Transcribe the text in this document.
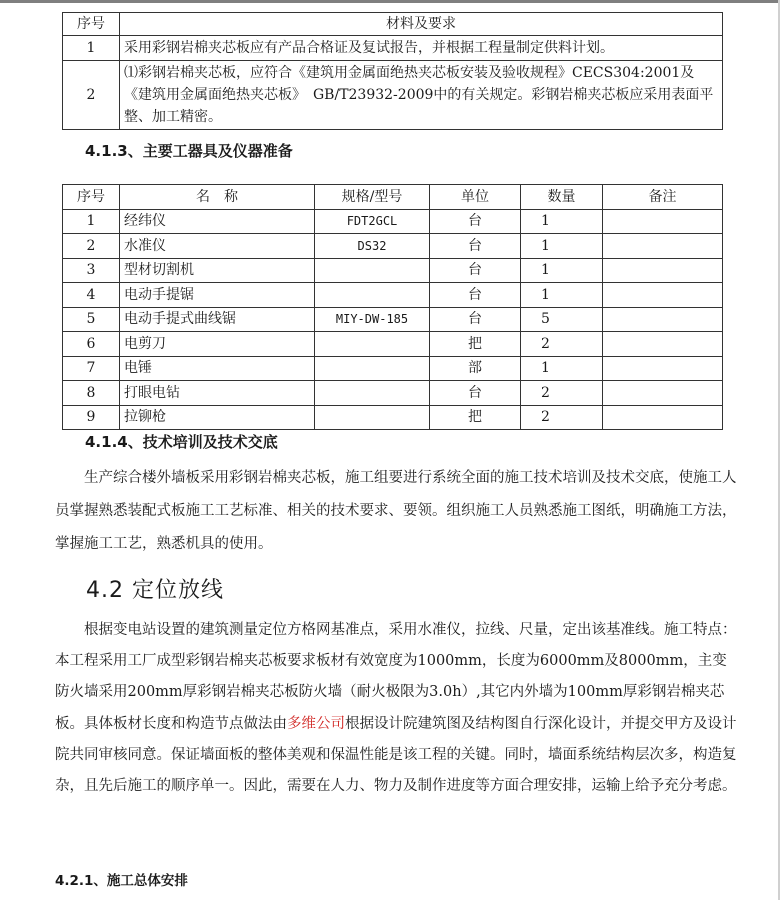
序号	材料及要求
1	采用彩钢岩棉夹芯板应有产品合格证及复试报告，并根据工程量制定供料计划。
2	⑴彩钢岩棉夹芯板，应符合《建筑用金属面绝热夹芯板安装及验收规程》CECS304:2001及《建筑用金属面绝热夹芯板》　GB/T23932-2009中的有关规定。彩钢岩棉夹芯板应采用表面平整、加工精密。
4.1.3、主要工器具及仪器准备
序号	名　称	规格/型号	单位	数量	备注
1	经纬仪	FDT2GCL	台	1	
2	水准仪	DS32	台	1	
3	型材切割机		台	1	
4	电动手提锯		台	1	
5	电动手提式曲线锯	MIY-DW-185	台	5	
6	电剪刀		把	2	
7	电锤		部	1	
8	打眼电钻		台	2	
9	拉铆枪		把	2	
4.1.4、技术培训及技术交底

生产综合楼外墙板采用彩钢岩棉夹芯板，施工组要进行系统全面的施工技术培训及技术交底，使施工人员掌握熟悉装配式板施工工艺标准、相关的技术要求、要领。组织施工人员熟悉施工图纸，明确施工方法，掌握施工工艺，熟悉机具的使用。

4.2 定位放线

根据变电站设置的建筑测量定位方格网基准点，采用水准仪，拉线、尺量，定出该基准线。施工特点：本工程采用工厂成型彩钢岩棉夹芯板要求板材有效宽度为1000mm，长度为6000mm及8000mm，主变防火墙采用200mm厚彩钢岩棉夹芯板防火墙（耐火极限为3.0h）,其它内外墙为100mm厚彩钢岩棉夹芯板。具体板材长度和构造节点做法由多维公司根据设计院建筑图及结构图自行深化设计，并提交甲方及设计院共同审核同意。保证墙面板的整体美观和保温性能是该工程的关键。同时，墙面系统结构层次多，构造复杂，且先后施工的顺序单一。因此，需要在人力、物力及制作进度等方面合理安排，运输上给予充分考虑。

4.2.1、施工总体安排
